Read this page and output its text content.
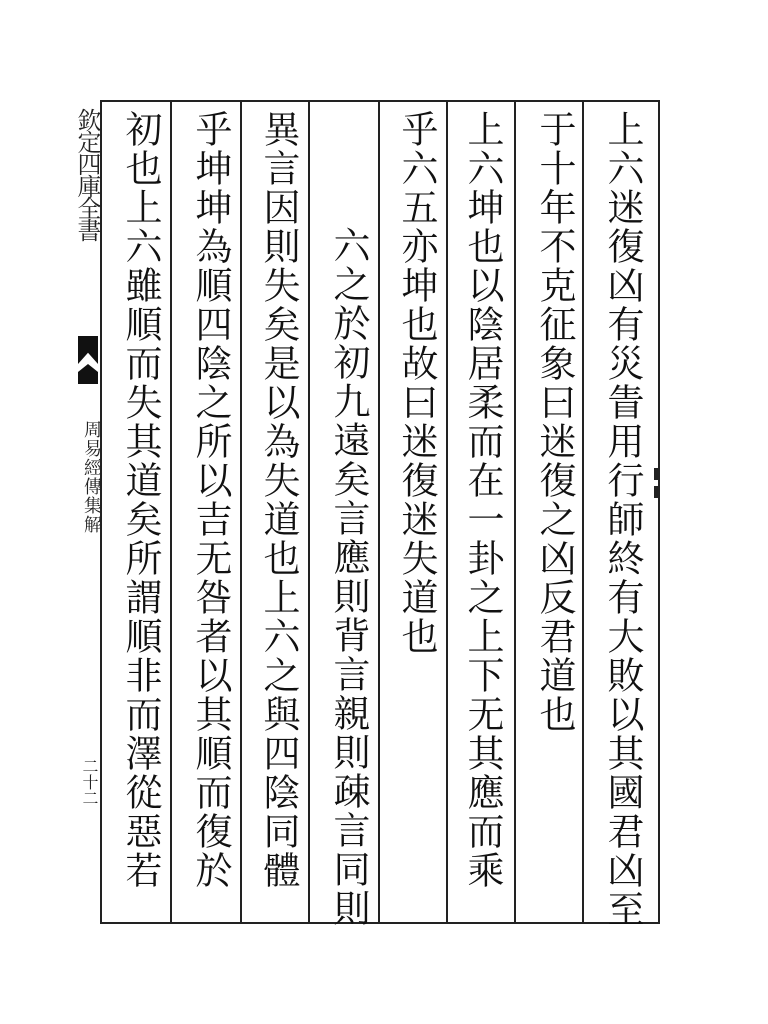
欽定四庫全書
周易經傳集解
二十二	上六迷復凶有災眚用行師終有大敗以其國君凶至
于十年不克征象曰迷復之凶反君道也
上六坤也以陰居柔而在一卦之上下无其應而乘
乎六五亦坤也故曰迷復迷失道也
六之於初九遠矣言應則背言親則疎言同則
異言因則失矣是以為失道也上六之與四陰同體
乎坤坤為順四陰之所以吉无咎者以其順而復於
初也上六雖順而失其道矣所謂順非而澤從惡若
